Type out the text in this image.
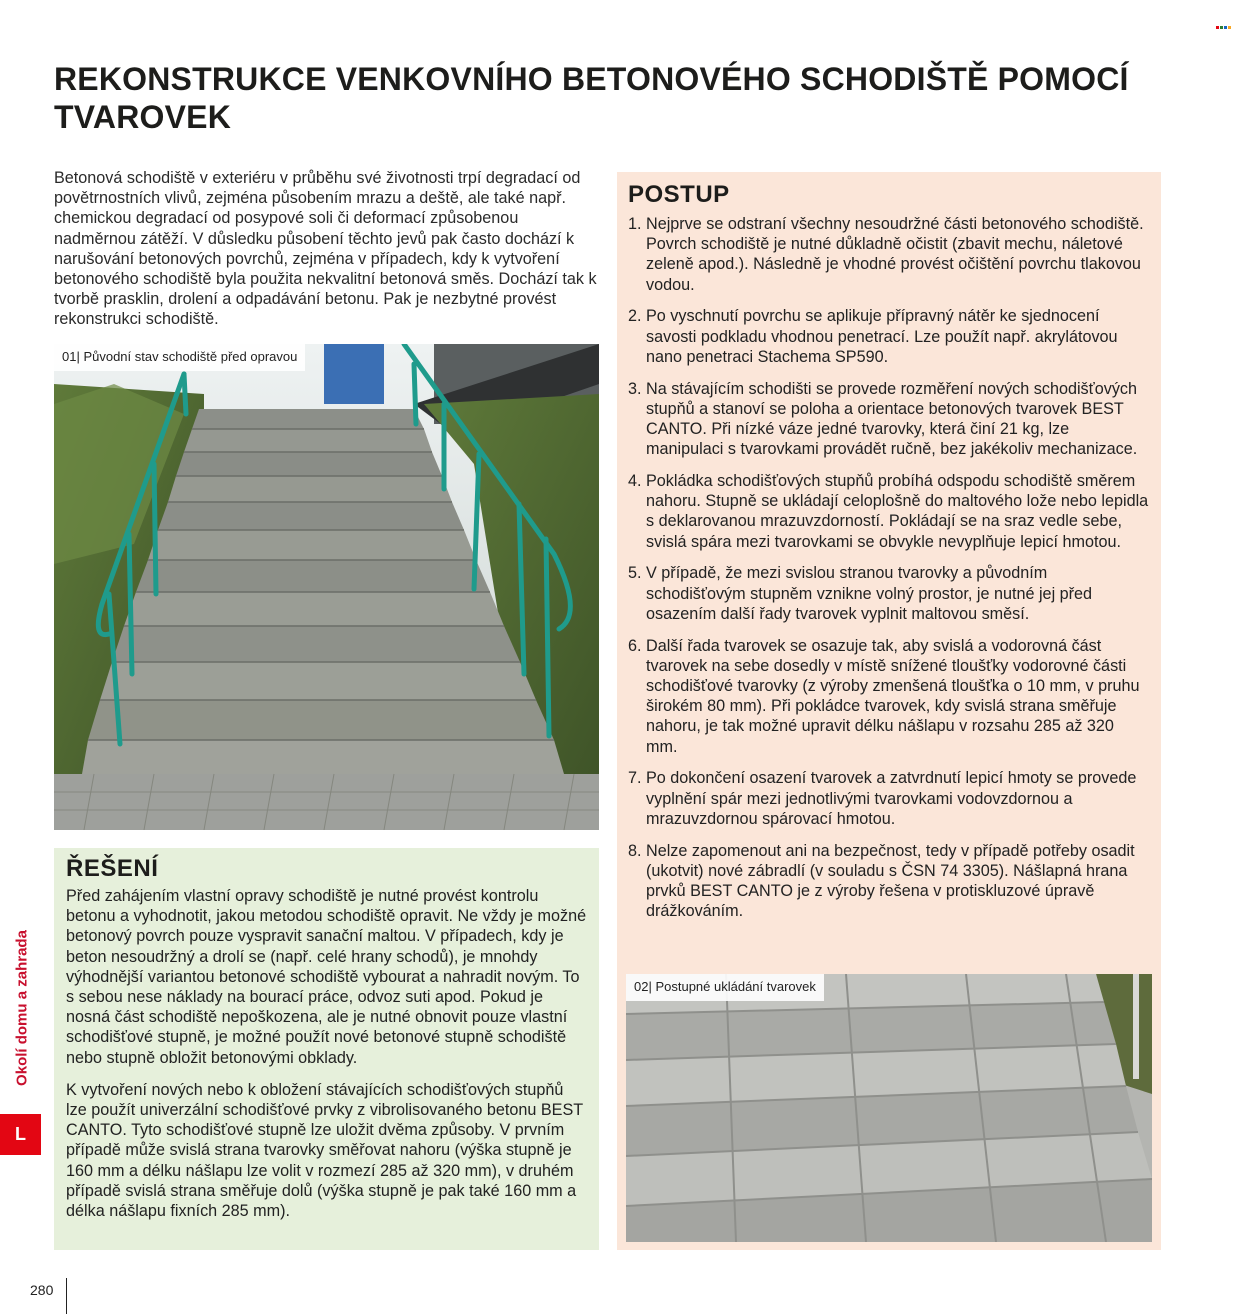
REKONSTRUKCE VENKOVNÍHO BETONOVÉHO SCHODIŠTĚ POMOCÍ TVAROVEK

Betonová schodiště v exteriéru v průběhu své životnosti trpí degradací od povětrnostních vlivů, zejména působením mrazu a deště, ale také např. chemickou degradací od posypové soli či deformací způsobenou nadměrnou zátěží. V důsledku působení těchto jevů pak často dochází k narušování betonových povrchů, zejména v případech, kdy k vytvoření betonového schodiště byla použita nekvalitní betonová směs. Dochází tak k tvorbě prasklin, drolení a odpadávání betonu. Pak je nezbytné provést rekonstrukci schodiště.

01| Původní stav schodiště před opravou
ŘEŠENÍ

Před zahájením vlastní opravy schodiště je nutné provést kontrolu betonu a vyhodnotit, jakou metodou schodiště opravit. Ne vždy je možné betonový povrch pouze vyspravit sanační maltou. V případech, kdy je beton nesoudržný a drolí se (např. celé hrany schodů), je mnohdy výhodnější variantou betonové schodiště vybourat a nahradit novým. To s sebou nese náklady na bourací práce, odvoz suti apod. Pokud je nosná část schodiště nepoškozena, ale je nutné obnovit pouze vlastní schodišťové stupně, je možné použít nové betonové stupně schodiště nebo stupně obložit betonovými obklady.

K vytvoření nových nebo k obložení stávajících schodišťových stupňů lze použít univerzální schodišťové prvky z vibrolisovaného betonu BEST CANTO. Tyto schodišťové stupně lze uložit dvěma způsoby. V prvním případě může svislá strana tvarovky směřovat nahoru (výška stupně je 160 mm a délku nášlapu lze volit v rozmezí 285 až 320 mm), v druhém případě svislá strana směřuje dolů (výška stupně je pak také 160 mm a délka nášlapu fixních 285 mm).

POSTUP
1. Nejprve se odstraní všechny nesoudržné části betonového schodiště. Povrch schodiště je nutné důkladně očistit (zbavit mechu, náletové zeleně apod.). Následně je vhodné provést očištění povrchu tlakovou vodou.
2. Po vyschnutí povrchu se aplikuje přípravný nátěr ke sjednocení savosti podkladu vhodnou penetrací. Lze použít např. akrylátovou nano penetraci Stachema SP590.
3. Na stávajícím schodišti se provede rozměření nových schodišťových stupňů a stanoví se poloha a orientace betonových tvarovek BEST CANTO. Při nízké váze jedné tvarovky, která činí 21 kg, lze manipulaci s tvarovkami provádět ručně, bez jakékoliv mechanizace.
4. Pokládka schodišťových stupňů probíhá odspodu schodiště směrem nahoru. Stupně se ukládají celoplošně do maltového lože nebo lepidla s deklarovanou mrazuvzdorností. Pokládají se na sraz vedle sebe, svislá spára mezi tvarovkami se obvykle nevyplňuje lepicí hmotou.
5. V případě, že mezi svislou stranou tvarovky a původním schodišťovým stupněm vznikne volný prostor, je nutné jej před osazením další řady tvarovek vyplnit maltovou směsí.
6. Další řada tvarovek se osazuje tak, aby svislá a vodorovná část tvarovek na sebe dosedly v místě snížené tloušťky vodorovné části schodišťové tvarovky (z výroby zmenšená tloušťka o 10 mm, v pruhu širokém 80 mm). Při pokládce tvarovek, kdy svislá strana směřuje nahoru, je tak možné upravit délku nášlapu v rozsahu 285 až 320 mm.
7. Po dokončení osazení tvarovek a zatvrdnutí lepicí hmoty se provede vyplnění spár mezi jednotlivými tvarovkami vodovzdornou a mrazuvzdornou spárovací hmotou.
8. Nelze zapomenout ani na bezpečnost, tedy v případě potřeby osadit (ukotvit) nové zábradlí (v souladu s ČSN 74 3305). Nášlapná hrana prvků BEST CANTO je z výroby řešena v protiskluzové úpravě drážkováním.
02| Postupné ukládání tvarovek
Okolí domu a zahrada
L
280
